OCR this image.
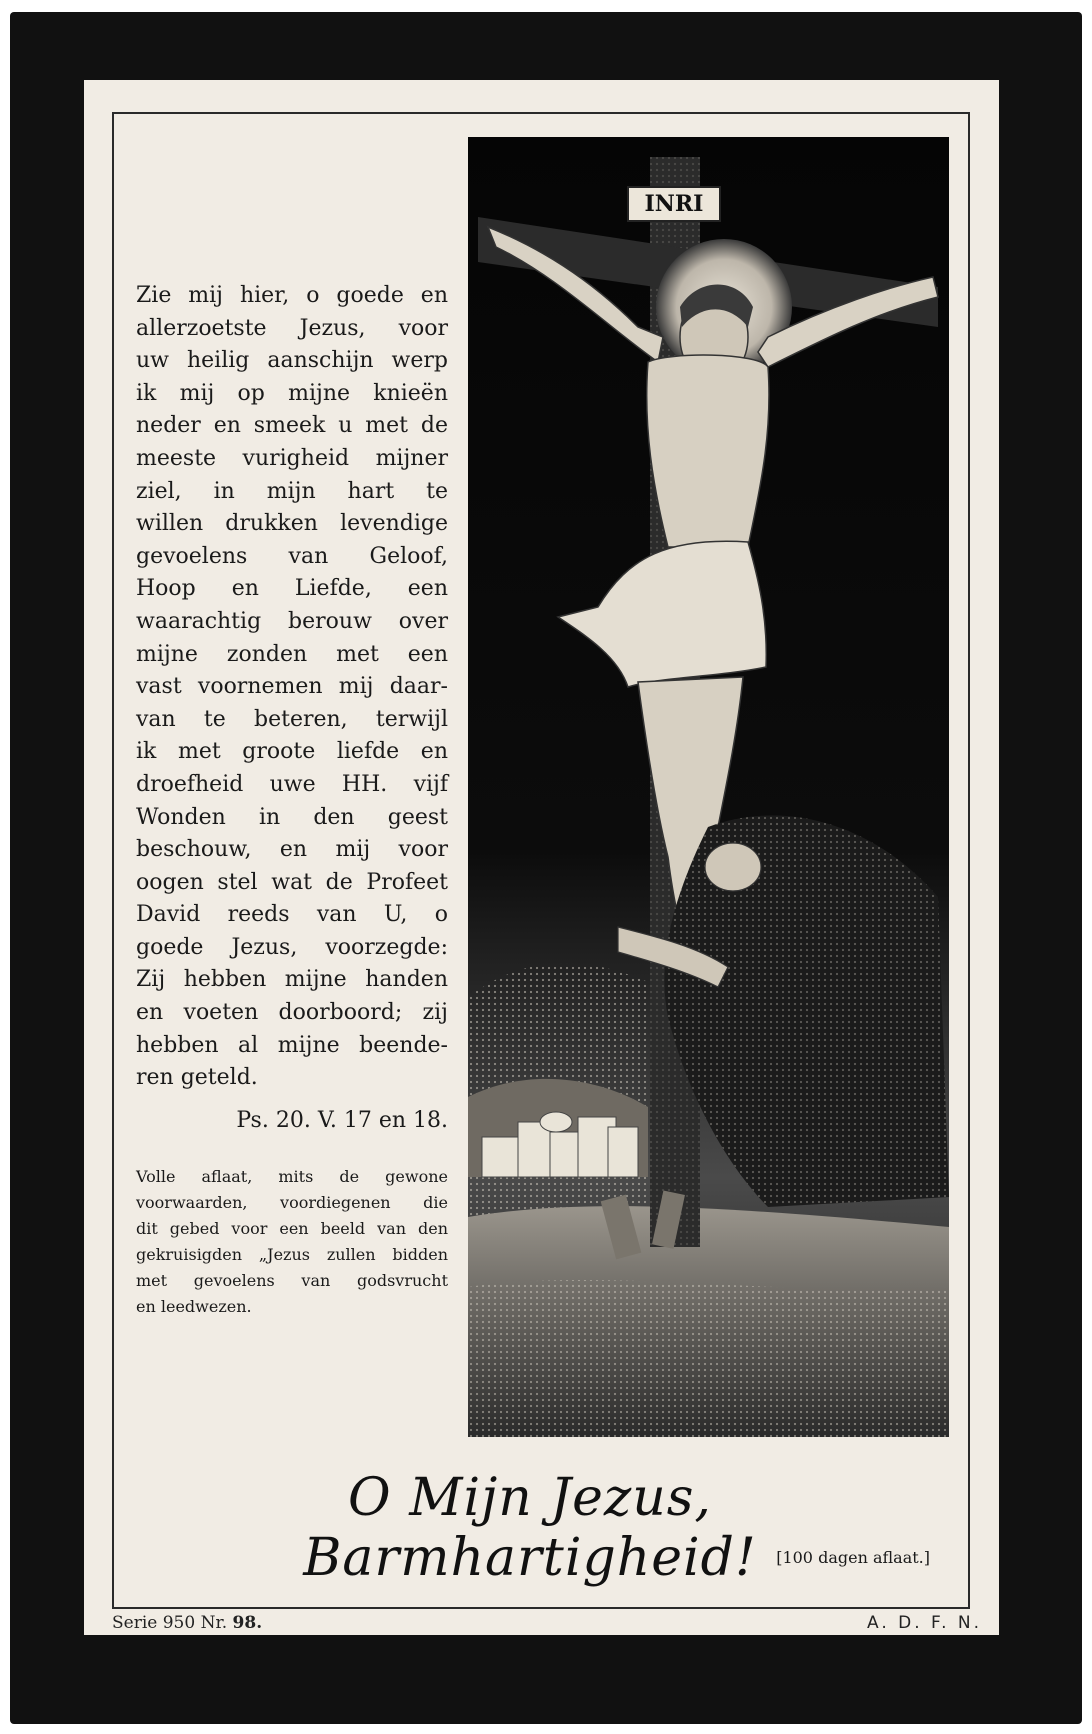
Zie mij hier, o goede en
allerzoetste Jezus, voor
uw heilig aanschijn werp
ik mij op mijne knieën
neder en smeek u met de
meeste vurigheid mijner
ziel, in mijn hart te
willen drukken levendige
gevoelens van Geloof,
Hoop en Liefde, een
waarachtig berouw over
mijne zonden met een
vast voornemen mij daar-
van te beteren, terwijl
ik met groote liefde en
droefheid uwe HH. vijf
Wonden in den geest
beschouw, en mij voor
oogen stel wat de Profeet
David reeds van U, o
goede Jezus, voorzegde:
Zij hebben mijne handen
en voeten doorboord; zij
hebben al mijne beende-
ren geteld.
Ps. 20. V. 17 en 18.
Volle aflaat, mits de gewone
voorwaarden, voordiegenen die
dit gebed voor een beeld van den
gekruisigden „Jezus zullen bidden
met gevoelens van godsvrucht
en leedwezen.
INRI
O Mijn Jezus, Barmhartigheid!	[100 dagen aflaat.]
Serie 950 Nr. 98.	A. D. F. N.
